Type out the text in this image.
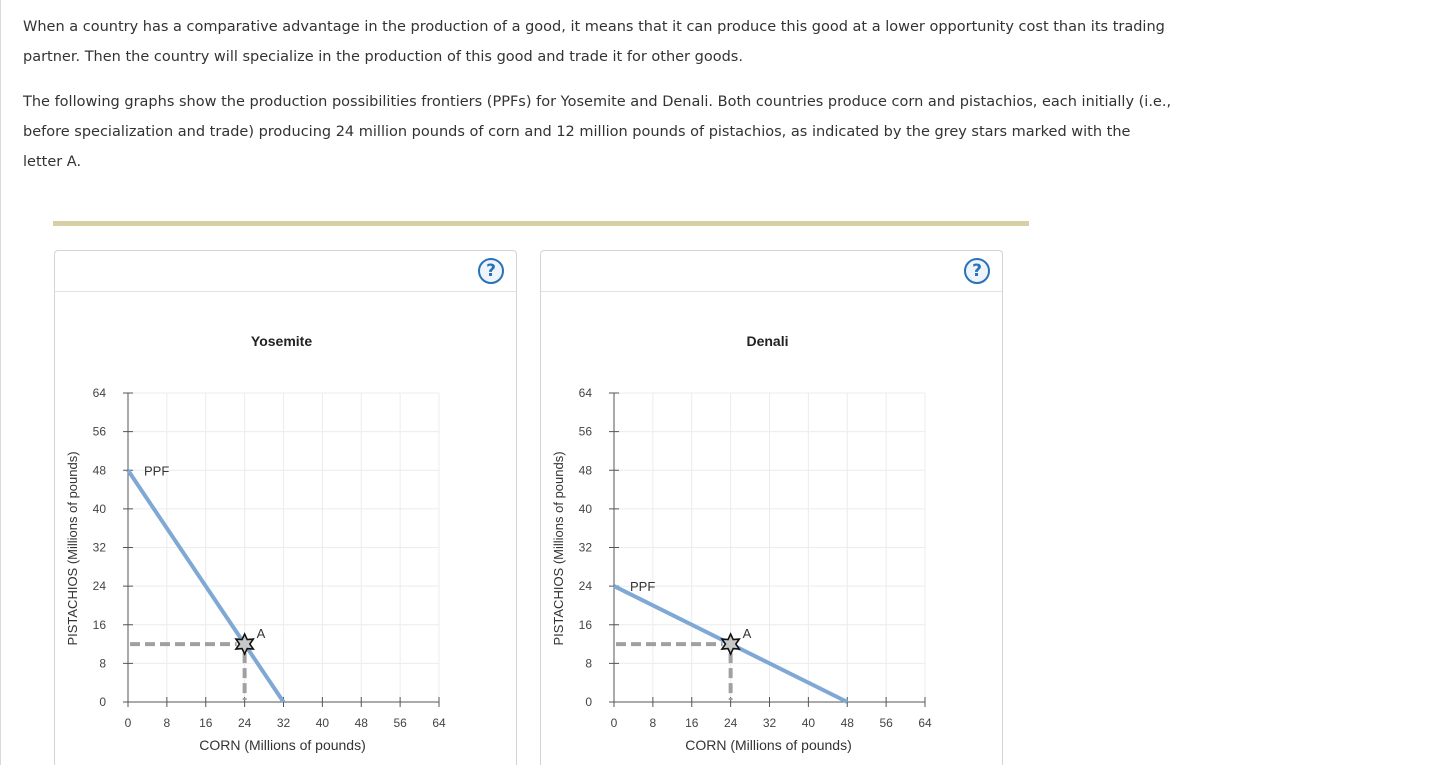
When a country has a comparative advantage in the production of a good, it means that it can produce this good at a lower opportunity cost than its trading partner. Then the country will specialize in the production of this good and trade it for other goods.

The following graphs show the production possibilities frontiers (PPFs) for Yosemite and Denali. Both countries produce corn and pistachios, each initially (i.e., before specialization and trade) producing 24 million pounds of corn and 12 million pounds of pistachios, as indicated by the grey stars marked with the letter A.

?
Yosemite
0	8 16 24 32 40 48 56 64
0
8
16
24
32
40
48
56
64
CORN (Millions of pounds)
PISTACHIOS (Millions of pounds)	PPF
A
?
Denali
0	8 16 24 32 40 48 56 64
0
8
16
24
32
40
48
56
64
CORN (Millions of pounds)
PISTACHIOS (Millions of pounds)	PPF
A
